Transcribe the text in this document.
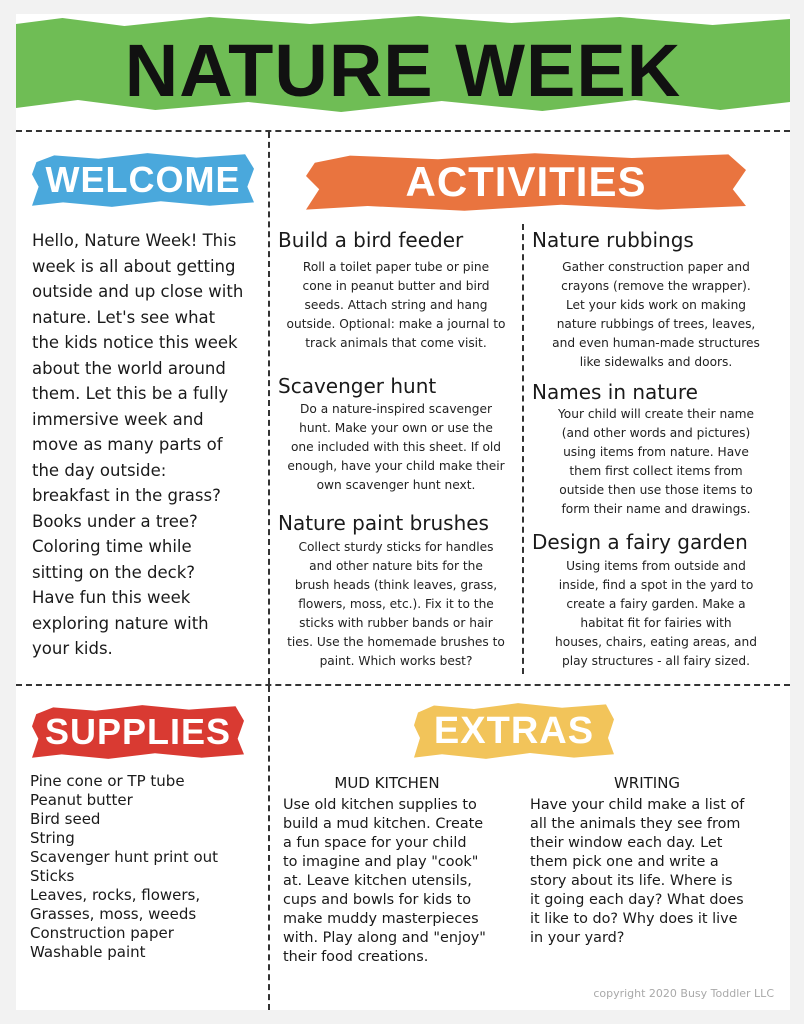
NATURE WEEK
WELCOME
Hello, Nature Week! This
week is all about getting
outside and up close with
nature. Let's see what
the kids notice this week
about the world around
them. Let this be a fully
immersive week and
move as many parts of
the day outside:
breakfast in the grass?
Books under a tree?
Coloring time while
sitting on the deck?
Have fun this week
exploring nature with
your kids.
ACTIVITIES
Build a bird feeder
Roll a toilet paper tube or pine
cone in peanut butter and bird
seeds. Attach string and hang
outside. Optional: make a journal to
track animals that come visit.
Scavenger hunt
Do a nature-inspired scavenger
hunt. Make your own or use the
one included with this sheet. If old
enough, have your child make their
own scavenger hunt next.
Nature paint brushes
Collect sturdy sticks for handles
and other nature bits for the
brush heads (think leaves, grass,
flowers, moss, etc.). Fix it to the
sticks with rubber bands or hair
ties. Use the homemade brushes to
paint. Which works best?
Nature rubbings
Gather construction paper and
crayons (remove the wrapper).
Let your kids work on making
nature rubbings of trees, leaves,
and even human-made structures
like sidewalks and doors.
Names in nature
Your child will create their name
(and other words and pictures)
using items from nature. Have
them first collect items from
outside then use those items to
form their name and drawings.
Design a fairy garden
Using items from outside and
inside, find a spot in the yard to
create a fairy garden. Make a
habitat fit for fairies with
houses, chairs, eating areas, and
play structures - all fairy sized.
SUPPLIES
Pine cone or TP tube
Peanut butter
Bird seed
String
Scavenger hunt print out
Sticks
Leaves, rocks, flowers,
Grasses, moss, weeds
Construction paper
Washable paint
EXTRAS
MUD KITCHEN
Use old kitchen supplies to
build a mud kitchen. Create
a fun space for your child
to imagine and play "cook"
at. Leave kitchen utensils,
cups and bowls for kids to
make muddy masterpieces
with. Play along and "enjoy"
their food creations.
WRITING
Have your child make a list of
all the animals they see from
their window each day. Let
them pick one and write a
story about its life. Where is
it going each day? What does
it like to do? Why does it live
in your yard?
copyright 2020 Busy Toddler LLC
